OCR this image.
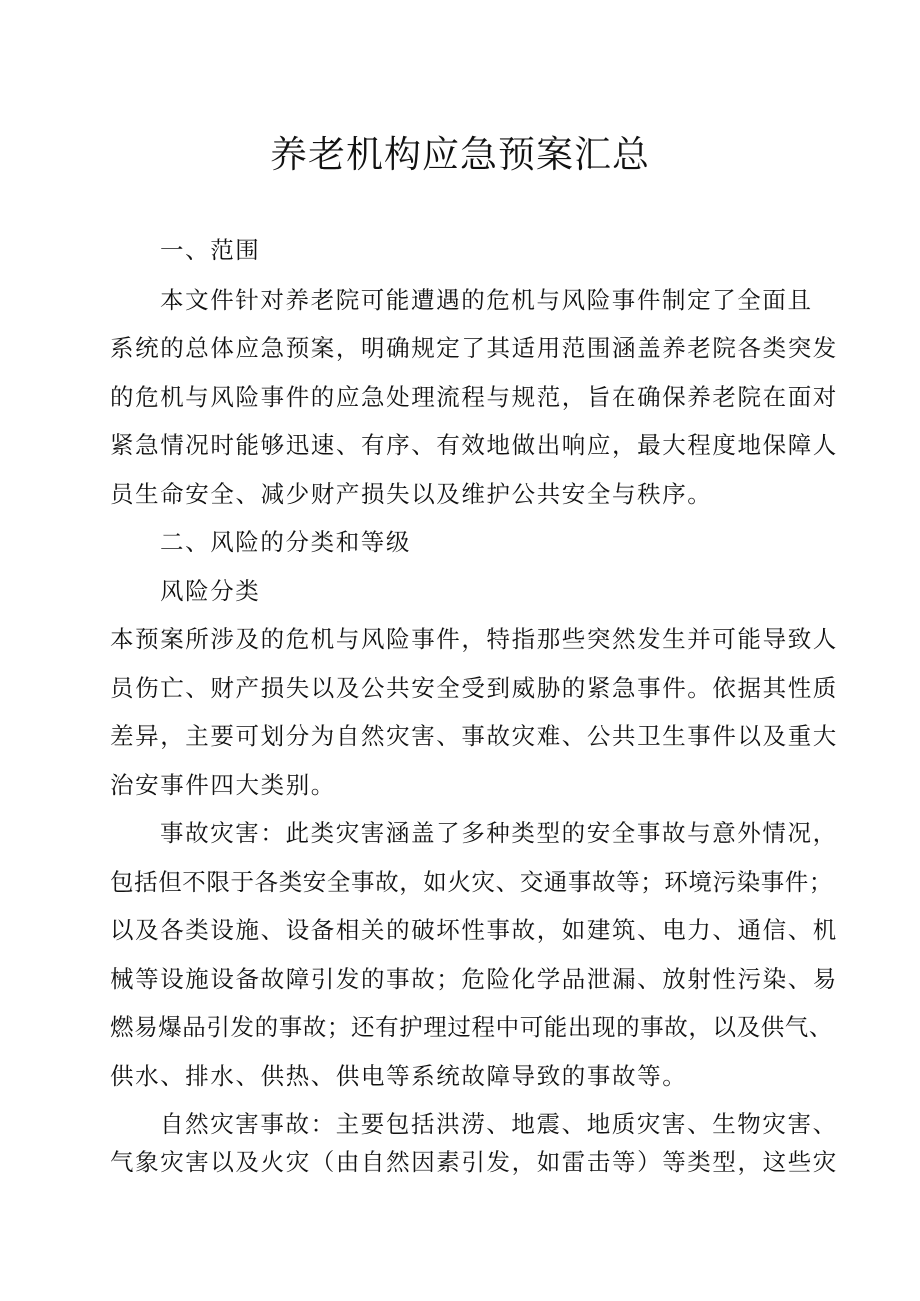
养老机构应急预案汇总
一、范围
本文件针对养老院可能遭遇的危机与风险事件制定了全面且
系统的总体应急预案，明确规定了其适用范围涵盖养老院各类突发
的危机与风险事件的应急处理流程与规范，旨在确保养老院在面对
紧急情况时能够迅速、有序、有效地做出响应，最大程度地保障人
员生命安全、减少财产损失以及维护公共安全与秩序。
二、风险的分类和等级
风险分类
本预案所涉及的危机与风险事件，特指那些突然发生并可能导致人
员伤亡、财产损失以及公共安全受到威胁的紧急事件。依据其性质
差异，主要可划分为自然灾害、事故灾难、公共卫生事件以及重大
治安事件四大类别。
事故灾害：此类灾害涵盖了多种类型的安全事故与意外情况，
包括但不限于各类安全事故，如火灾、交通事故等；环境污染事件；
以及各类设施、设备相关的破坏性事故，如建筑、电力、通信、机
械等设施设备故障引发的事故；危险化学品泄漏、放射性污染、易
燃易爆品引发的事故；还有护理过程中可能出现的事故，以及供气、
供水、排水、供热、供电等系统故障导致的事故等。
自然灾害事故：主要包括洪涝、地震、地质灾害、生物灾害、
气象灾害以及火灾（由自然因素引发，如雷击等）等类型，这些灾
